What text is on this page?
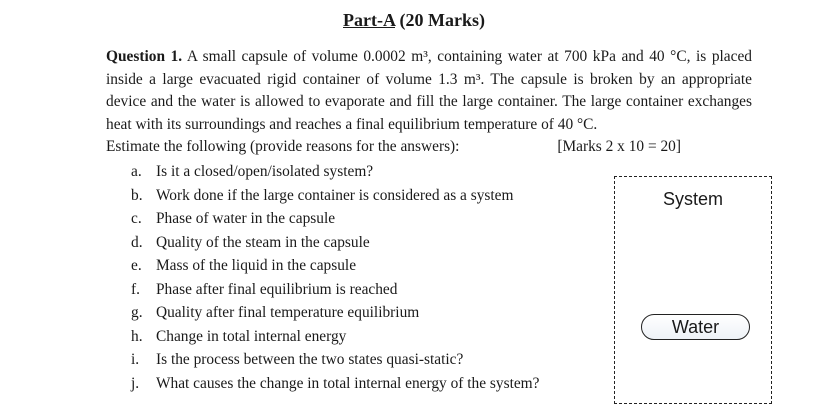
Part-A (20 Marks)
Question 1. A small capsule of volume 0.0002 m³, containing water at 700 kPa and 40 °C, is placed inside a large evacuated rigid container of volume 1.3 m³. The capsule is broken by an appropriate device and the water is allowed to evaporate and fill the large container. The large container exchanges heat with its surroundings and reaches a final equilibrium temperature of 40 °C.
Estimate the following (provide reasons for the answers):	[Marks 2 x 10 = 20]
a. Is it a closed/open/isolated system?
b. Work done if the large container is considered as a system
c. Phase of water in the capsule
d. Quality of the steam in the capsule
e. Mass of the liquid in the capsule
f.	Phase after final equilibrium is reached
g. Quality after final temperature equilibrium
h. Change in total internal energy
i.	Is the process between the two states quasi-static?
j.	What causes the change in total internal energy of the system?
System
Water
